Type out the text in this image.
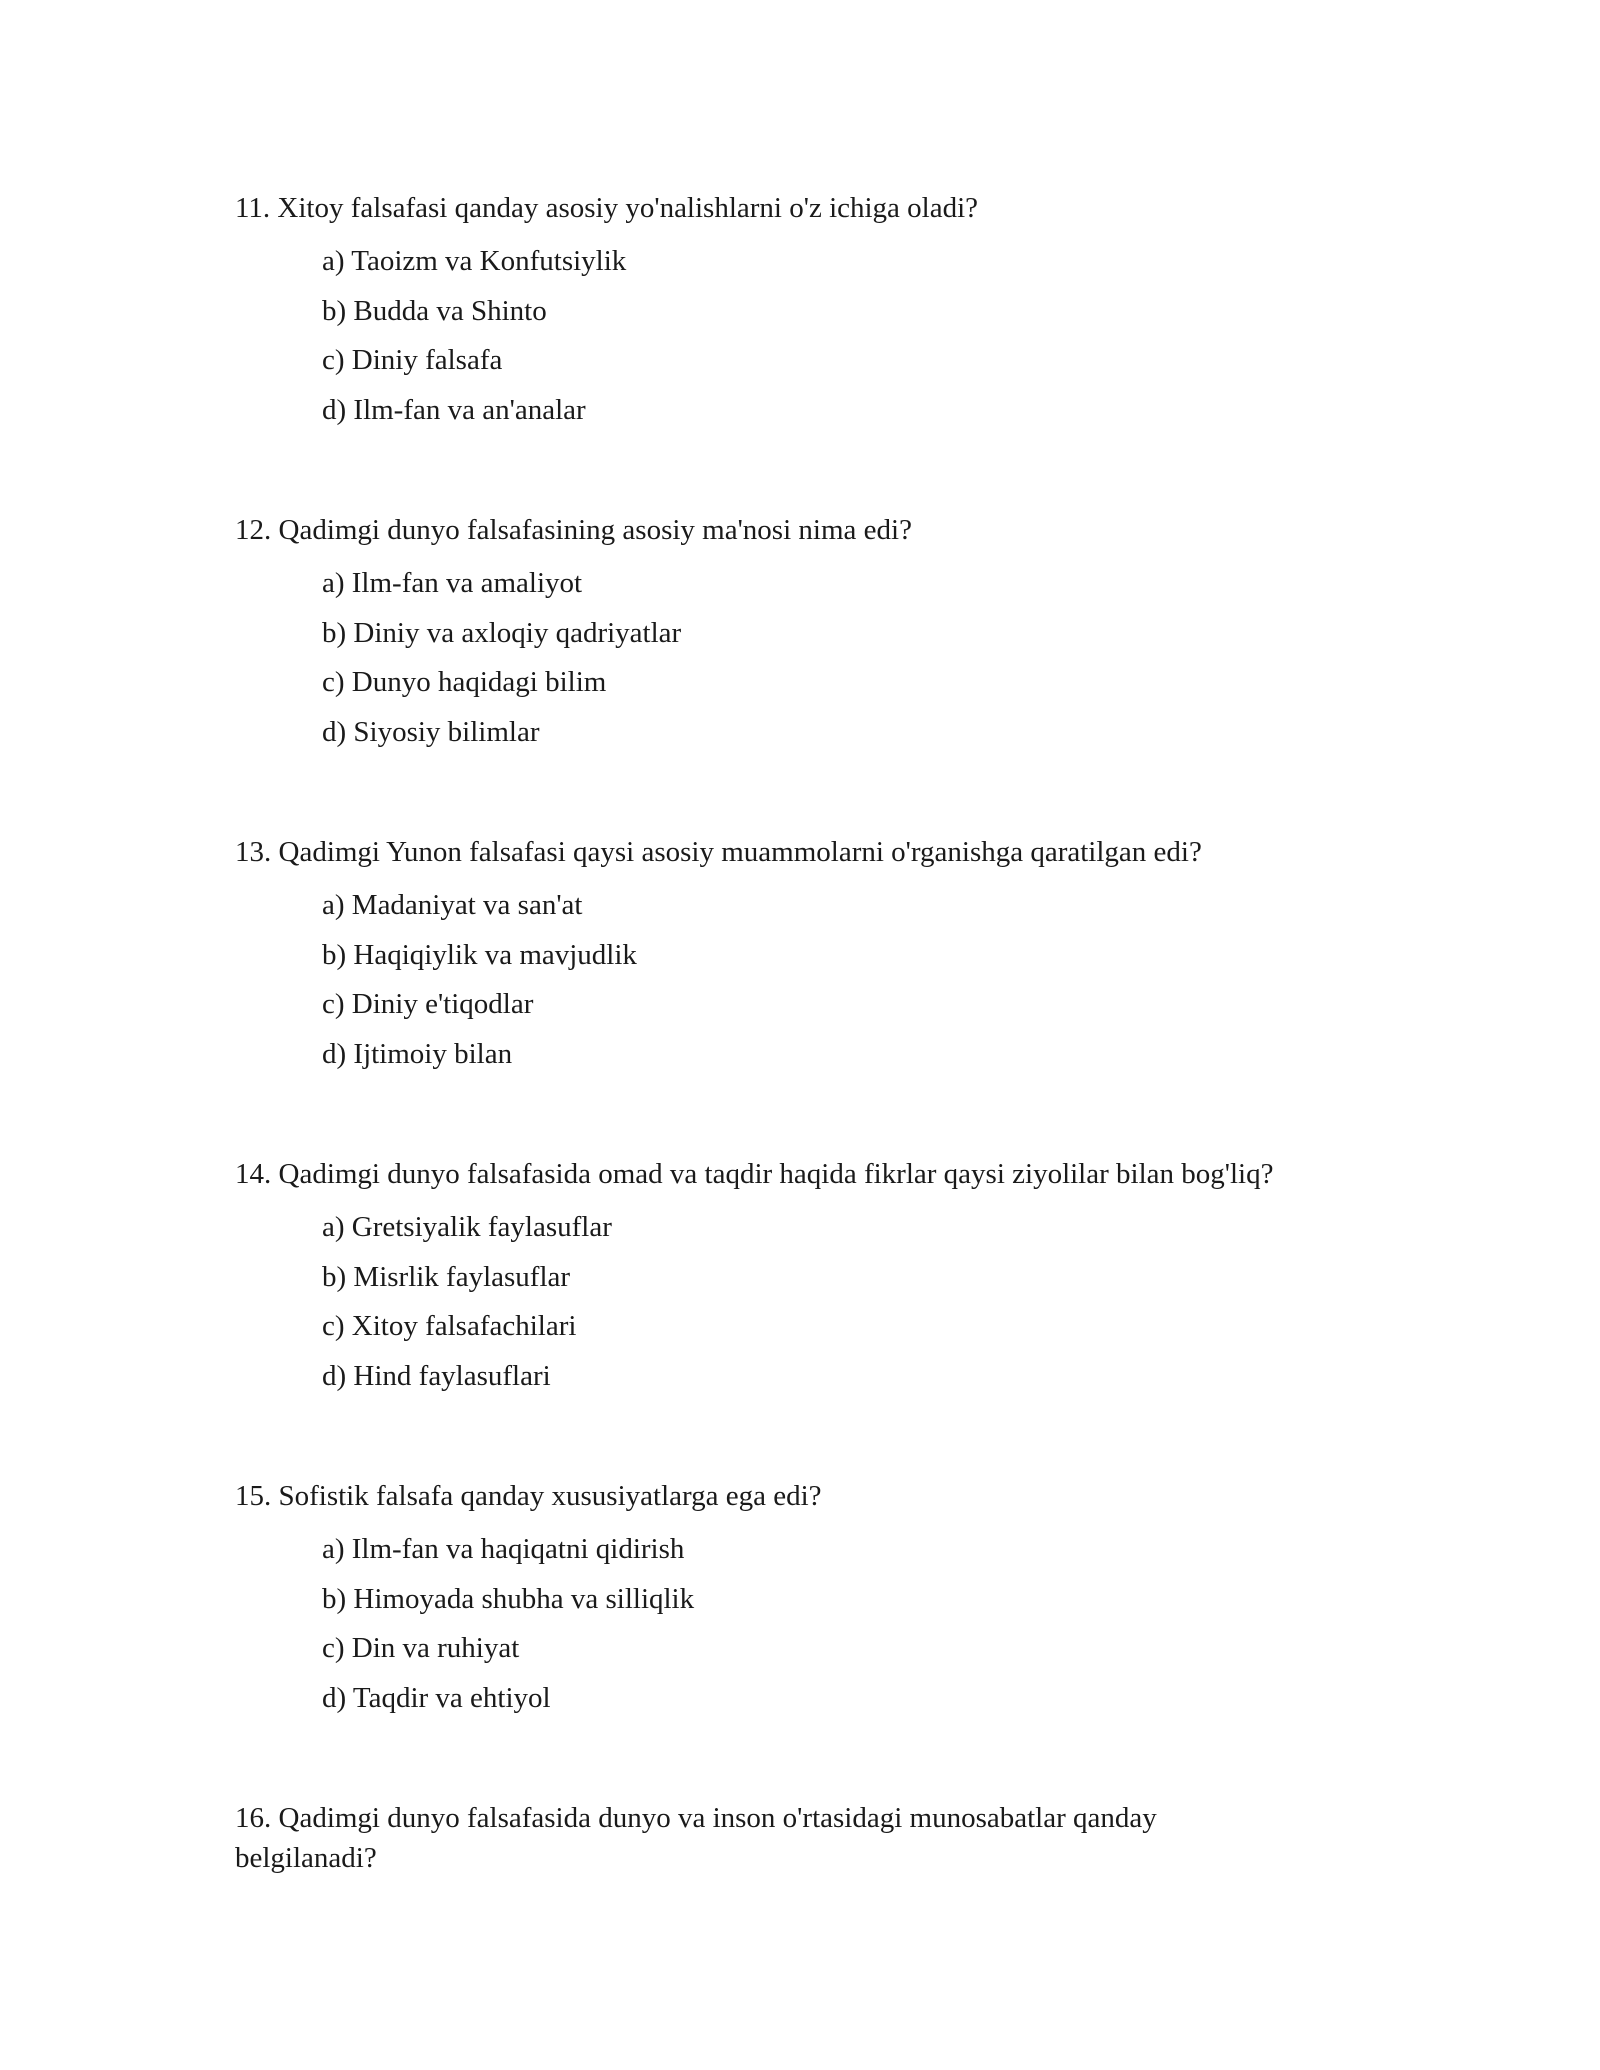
11. Xitoy falsafasi qanday asosiy yo'nalishlarni o'z ichiga oladi?

a) Taoizm va Konfutsiylik
b) Budda va Shinto
c) Diniy falsafa
d) Ilm-fan va an'analar

12. Qadimgi dunyo falsafasining asosiy ma'nosi nima edi?

a) Ilm-fan va amaliyot
b) Diniy va axloqiy qadriyatlar
c) Dunyo haqidagi bilim
d) Siyosiy bilimlar

13. Qadimgi Yunon falsafasi qaysi asosiy muammolarni o'rganishga qaratilgan edi?

a) Madaniyat va san'at
b) Haqiqiylik va mavjudlik
c) Diniy e'tiqodlar
d) Ijtimoiy bilan

14. Qadimgi dunyo falsafasida omad va taqdir haqida fikrlar qaysi ziyolilar bilan bog'liq?

a) Gretsiyalik faylasuflar
b) Misrlik faylasuflar
c) Xitoy falsafachilari
d) Hind faylasuflari

15. Sofistik falsafa qanday xususiyatlarga ega edi?

a) Ilm-fan va haqiqatni qidirish
b) Himoyada shubha va silliqlik
c) Din va ruhiyat
d) Taqdir va ehtiyol

16. Qadimgi dunyo falsafasida dunyo va inson o'rtasidagi munosabatlar qanday belgilanadi?
